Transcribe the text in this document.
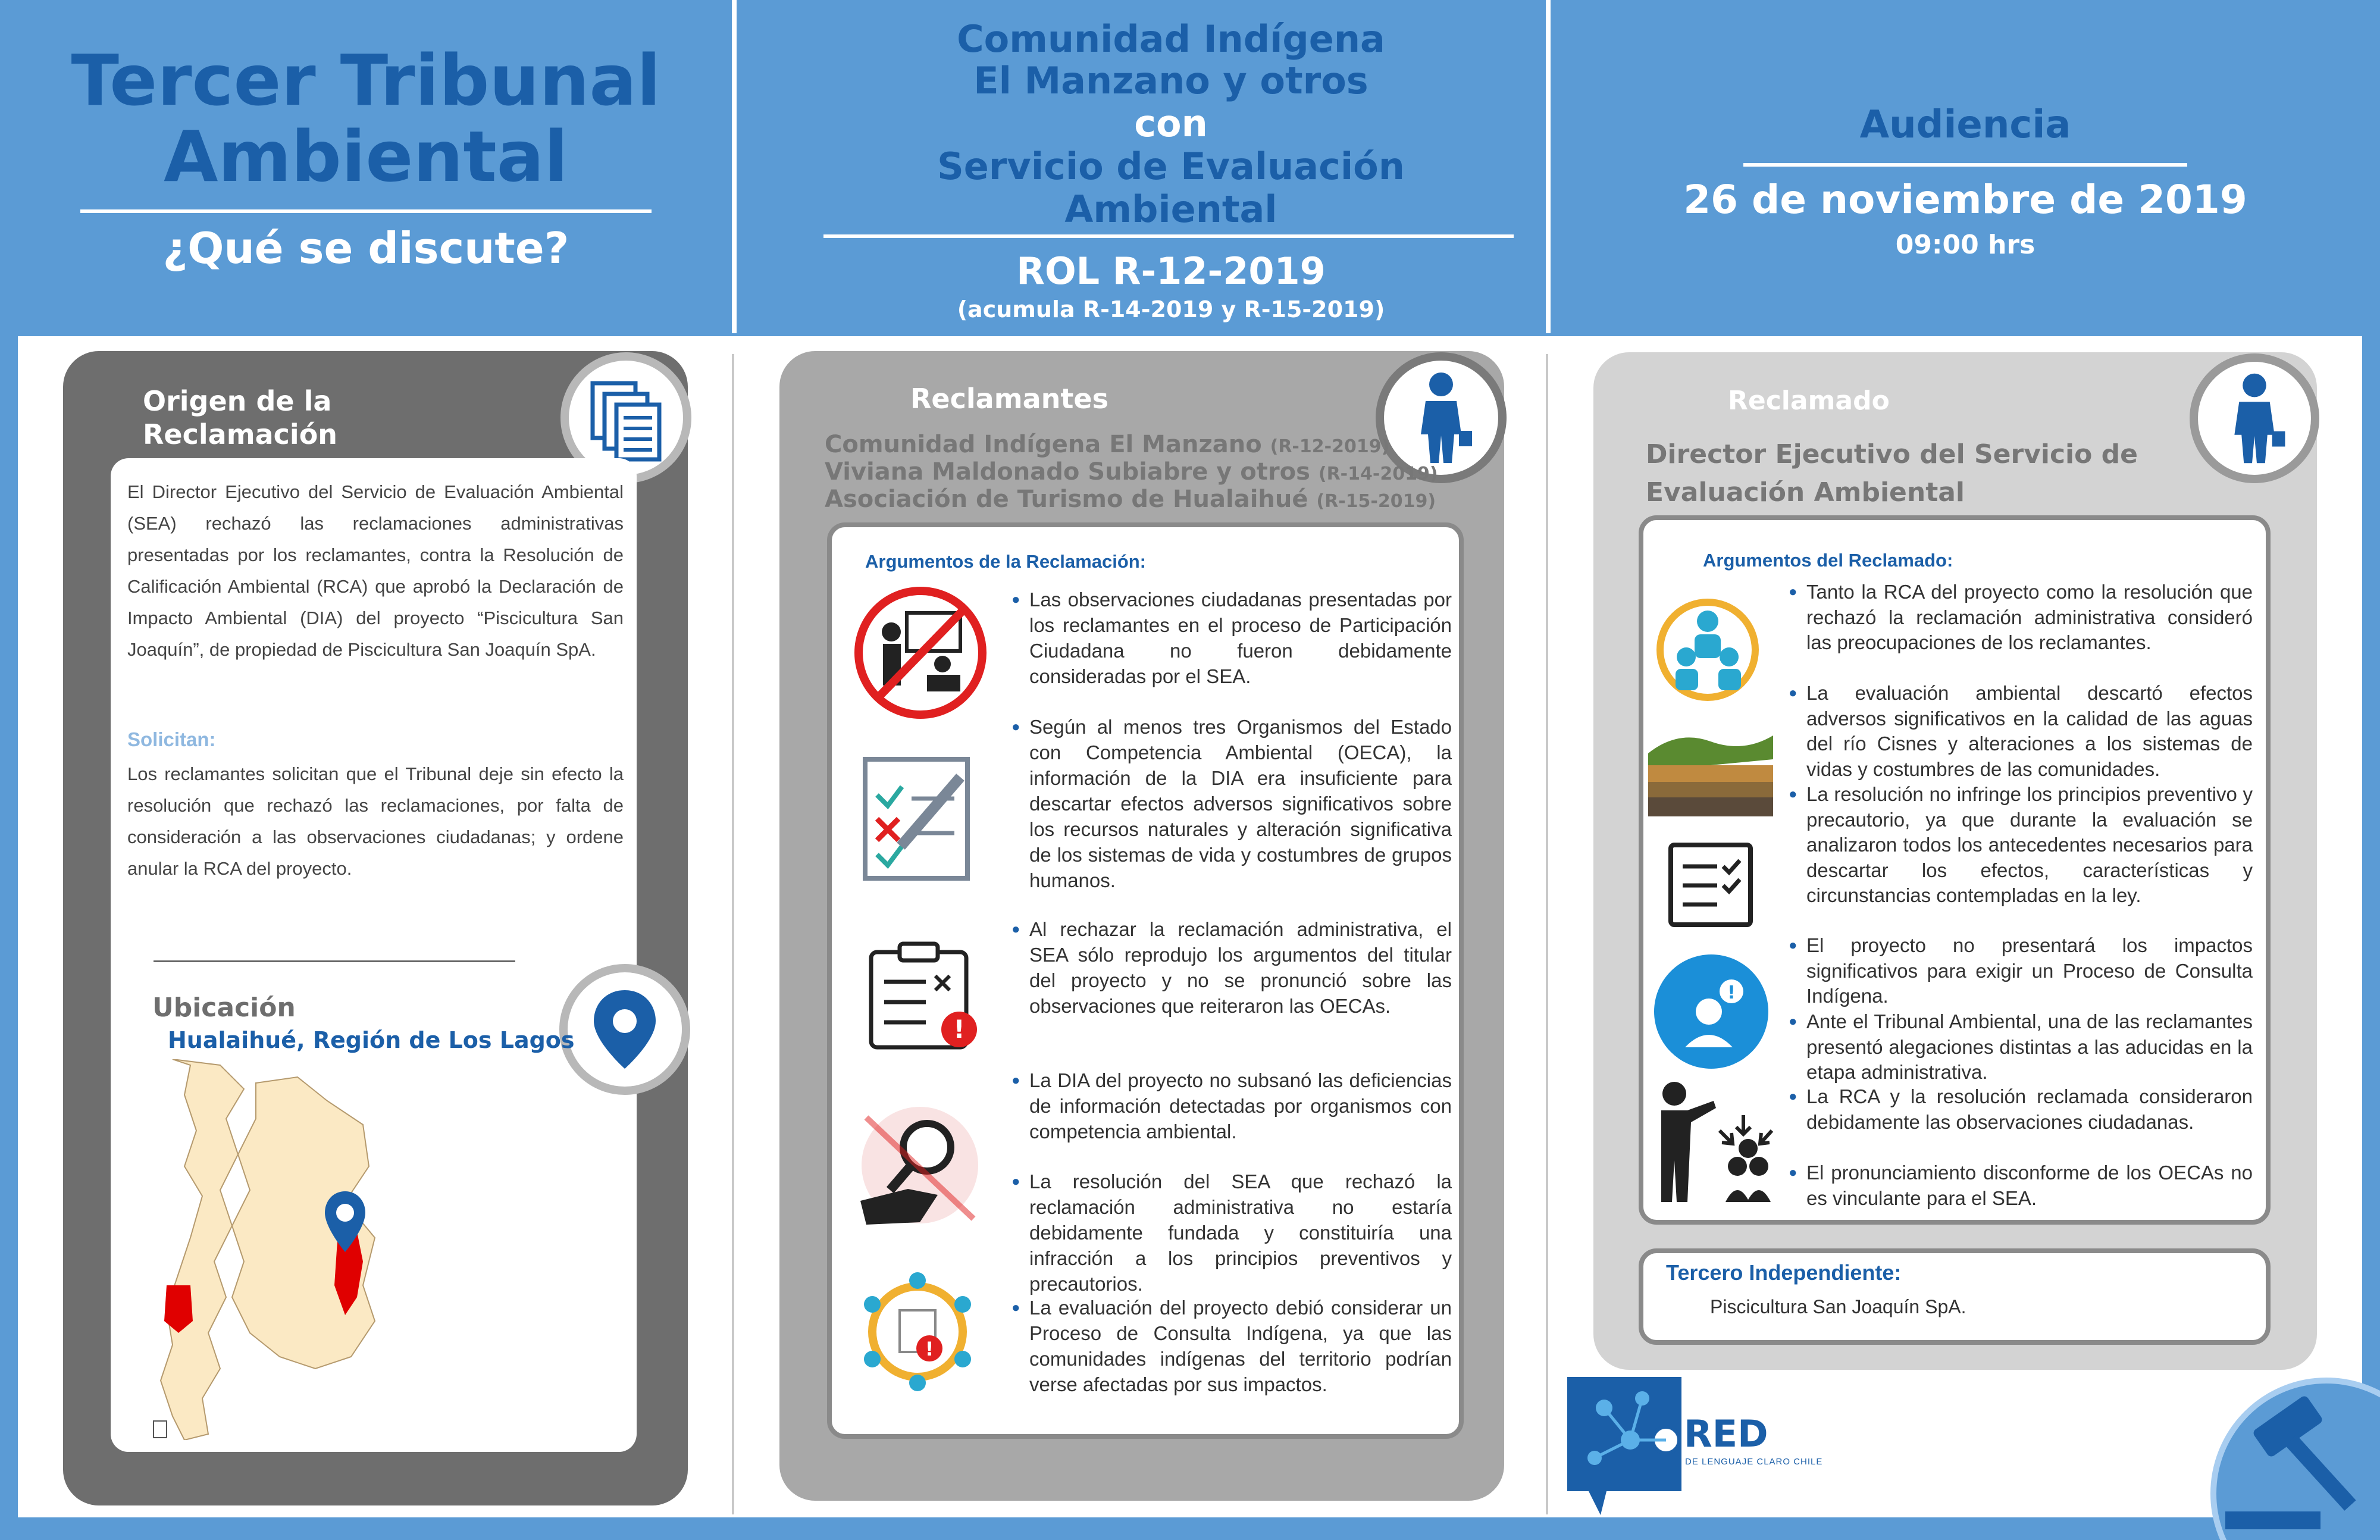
Tercer Tribunal
Ambiental
¿Qué se discute?
Comunidad Indígena
El Manzano y otros
con
Servicio de Evaluación
Ambiental
ROL R-12-2019
(acumula R-14-2019 y R-15-2019)
Audiencia
26 de noviembre de 2019
09:00 hrs
Origen de la Reclamación
El Director Ejecutivo del Servicio de Evaluación Ambiental (SEA) rechazó las reclamaciones administrativas presentadas por los reclamantes, contra la Resolución de Calificación Ambiental (RCA) que aprobó la Declaración de Impacto Ambiental (DIA) del proyecto “Piscicultura San Joaquín”, de propiedad de Piscicultura San Joaquín SpA.
Solicitan:
Los reclamantes solicitan que el Tribunal deje sin efecto la resolución que rechazó las reclamaciones, por falta de consideración a las observaciones ciudadanas; y ordene anular la RCA del proyecto.
Ubicación
Hualaihué, Región de Los Lagos
Reclamantes
Comunidad Indígena El Manzano (R-12-2019)
Viviana Maldonado Subiabre y otros (R-14-2019)
Asociación de Turismo de Hualaihué (R-15-2019)
Argumentos de la Reclamación:
!
!
● Las observaciones ciudadanas presentadas por los reclamantes en el proceso de Participación Ciudadana no fueron debidamente consideradas por el SEA.
● Según al menos tres Organismos del Estado con Competencia Ambiental (OECA), la información de la DIA era insuficiente para descartar efectos adversos significativos sobre los recursos naturales y alteración significativa de los sistemas de vida y costumbres de grupos humanos.
● Al rechazar la reclamación administrativa, el SEA sólo reprodujo los argumentos del titular del proyecto y no se pronunció sobre las observaciones que reiteraron las OECAs.
● La DIA del proyecto no subsanó las deficiencias de información detectadas por organismos con competencia ambiental.
● La resolución del SEA que rechazó la reclamación administrativa no estaría debidamente fundada y constituiría una infracción a los principios preventivos y precautorios.
● La evaluación del proyecto debió considerar un Proceso de Consulta Indígena, ya que las comunidades indígenas del territorio podrían verse afectadas por sus impactos.
Reclamado
Director Ejecutivo del Servicio de
Evaluación Ambiental
Argumentos del Reclamado:
!
● Tanto la RCA del proyecto como la resolución que rechazó la reclamación administrativa consideró las preocupaciones de los reclamantes.
● La evaluación ambiental descartó efectos adversos significativos en la calidad de las aguas del río Cisnes y alteraciones a los sistemas de vidas y costumbres de las comunidades.
● La resolución no infringe los principios preventivo y precautorio, ya que durante la evaluación se analizaron todos los antecedentes necesarios para descartar los efectos, características y circunstancias contempladas en la ley.
● El proyecto no presentará los impactos significativos para exigir un Proceso de Consulta Indígena.
● Ante el Tribunal Ambiental, una de las reclamantes presentó alegaciones distintas a las aducidas en la etapa administrativa.
● La RCA y la resolución reclamada consideraron debidamente las observaciones ciudadanas.
● El pronunciamiento disconforme de los OECAs no es vinculante para el SEA.
Tercero Independiente:
Piscicultura San Joaquín SpA.
RED
DE LENGUAJE CLARO CHILE
